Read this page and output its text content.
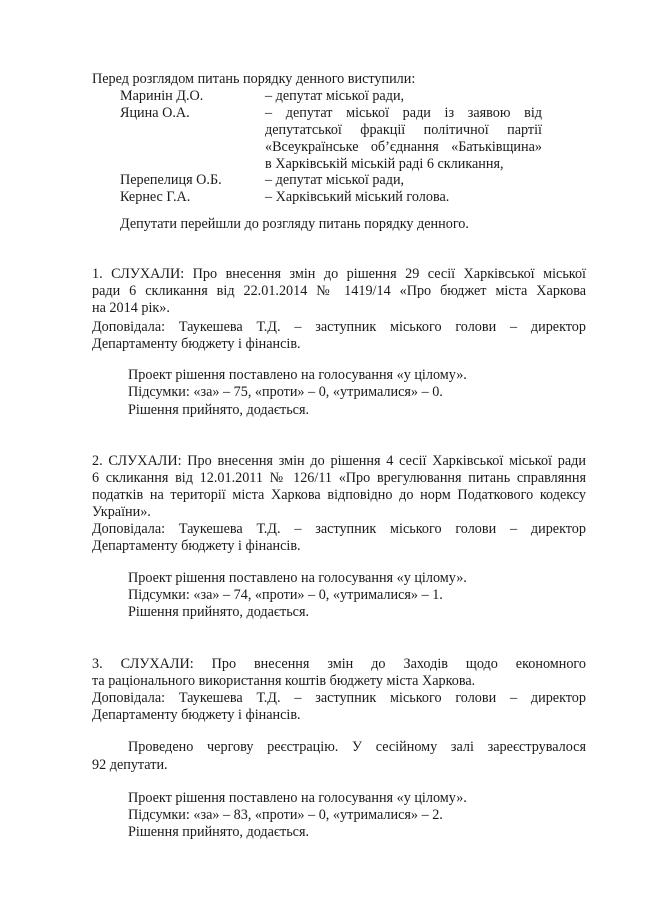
Перед розглядом питань порядку денного виступили:
Маринін Д.О.	– депутат міської ради,
Яцина О.А.	– депутат міської ради із заявою від
депутатської фракції політичної партії
«Всеукраїнське об’єднання «Батьківщина»
в Харківській міській раді 6 скликання,
Перепелиця О.Б.	– депутат міської ради,
Кернес Г.А.	– Харківський міський голова.
Депутати перейшли до розгляду питань порядку денного.
1. СЛУХАЛИ: Про внесення змін до рішення 29 сесії Харківської міської
ради 6 скликання від 22.01.2014 № 1419/14 «Про бюджет міста Харкова
на 2014 рік».
Доповідала: Таукешева Т.Д. – заступник міського голови – директор
Департаменту бюджету і фінансів.
Проект рішення поставлено на голосування «у цілому».
Підсумки: «за» – 75, «проти» – 0, «утрималися» – 0.
Рішення прийнято, додається.
2. СЛУХАЛИ: Про внесення змін до рішення 4 сесії Харківської міської ради
6 скликання від 12.01.2011 № 126/11 «Про врегулювання питань справляння
податків на території міста Харкова відповідно до норм Податкового кодексу
України».
Доповідала: Таукешева Т.Д. – заступник міського голови – директор
Департаменту бюджету і фінансів.
Проект рішення поставлено на голосування «у цілому».
Підсумки: «за» – 74, «проти» – 0, «утрималися» – 1.
Рішення прийнято, додається.
3. СЛУХАЛИ: Про внесення змін до Заходів щодо економного
та раціонального використання коштів бюджету міста Харкова.
Доповідала: Таукешева Т.Д. – заступник міського голови – директор
Департаменту бюджету і фінансів.
Проведено чергову реєстрацію. У сесійному залі зареєструвалося
92 депутати.
Проект рішення поставлено на голосування «у цілому».
Підсумки: «за» – 83, «проти» – 0, «утрималися» – 2.
Рішення прийнято, додається.
